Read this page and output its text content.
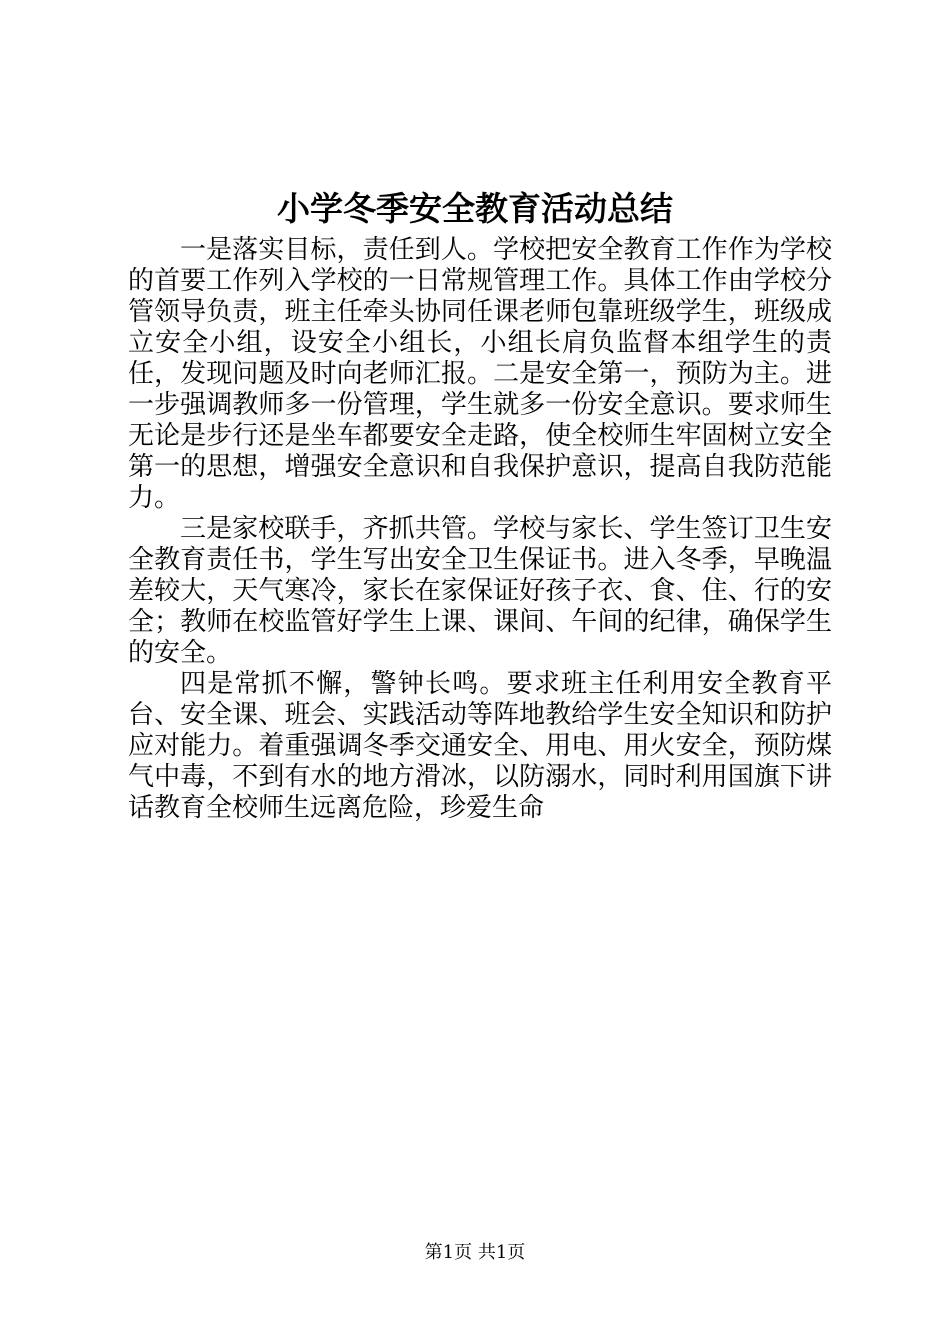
小学冬季安全教育活动总结

一是落实目标，责任到人。学校把安全教育工作作为学校的首要工作列入学校的一日常规管理工作。具体工作由学校分管领导负责，班主任牵头协同任课老师包靠班级学生，班级成立安全小组，设安全小组长，小组长肩负监督本组学生的责任，发现问题及时向老师汇报。二是安全第一，预防为主。进一步强调教师多一份管理，学生就多一份安全意识。要求师生无论是步行还是坐车都要安全走路，使全校师生牢固树立安全第一的思想，增强安全意识和自我保护意识，提高自我防范能力。

三是家校联手，齐抓共管。学校与家长、学生签订卫生安全教育责任书，学生写出安全卫生保证书。进入冬季，早晚温差较大，天气寒冷，家长在家保证好孩子衣、食、住、行的安全；教师在校监管好学生上课、课间、午间的纪律，确保学生的安全。

四是常抓不懈，警钟长鸣。要求班主任利用安全教育平台、安全课、班会、实践活动等阵地教给学生安全知识和防护应对能力。着重强调冬季交通安全、用电、用火安全，预防煤气中毒，不到有水的地方滑冰，以防溺水，同时利用国旗下讲话教育全校师生远离危险，珍爱生命

第1页 共1页
